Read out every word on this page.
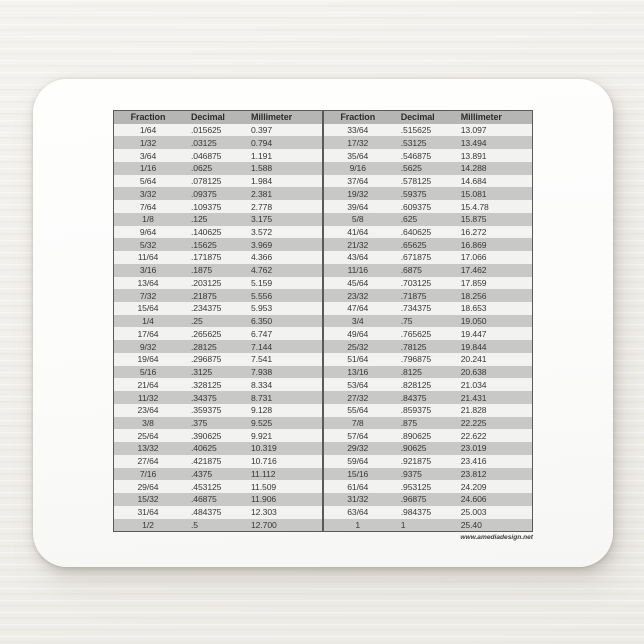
Fraction	Decimal	Millimeter
1/64	.015625	0.397
1/32	.03125	0.794
3/64	.046875	1.191
1/16	.0625	1.588
5/64	.078125	1.984
3/32	.09375	2.381
7/64	.109375	2.778
1/8	.125	3.175
9/64	.140625	3.572
5/32	.15625	3.969
11/64	.171875	4.366
3/16	.1875	4.762
13/64	.203125	5.159
7/32	.21875	5.556
15/64	.234375	5.953
1/4	.25	6.350
17/64	.265625	6.747
9/32	.28125	7.144
19/64	.296875	7.541
5/16	.3125	7.938
21/64	.328125	8.334
11/32	.34375	8.731
23/64	.359375	9.128
3/8	.375	9.525
25/64	.390625	9.921
13/32	.40625	10.319
27/64	.421875	10.716
7/16	.4375	11.112
29/64	.453125	11.509
15/32	.46875	11.906
31/64	.484375	12.303
1/2	.5	12.700
Fraction	Decimal	Millimeter
33/64	.515625	13.097
17/32	.53125	13.494
35/64	.546875	13.891
9/16	.5625	14.288
37/64	.578125	14.684
19/32	.59375	15.081
39/64	.609375	15.4.78
5/8	.625	15.875
41/64	.640625	16.272
21/32	.65625	16.869
43/64	.671875	17.066
11/16	.6875	17.462
45/64	.703125	17.859
23/32	.71875	18.256
47/64	.734375	18.653
3/4	.75	19.050
49/64	.765625	19.447
25/32	.78125	19.844
51/64	.796875	20.241
13/16	.8125	20.638
53/64	.828125	21.034
27/32	.84375	21.431
55/64	.859375	21.828
7/8	.875	22.225
57/64	.890625	22.622
29/32	.90625	23.019
59/64	.921875	23.416
15/16	.9375	23.812
61/64	.953125	24.209
31/32	.96875	24.606
63/64	.984375	25.003
1	1	25.40
www.amediadesign.net
